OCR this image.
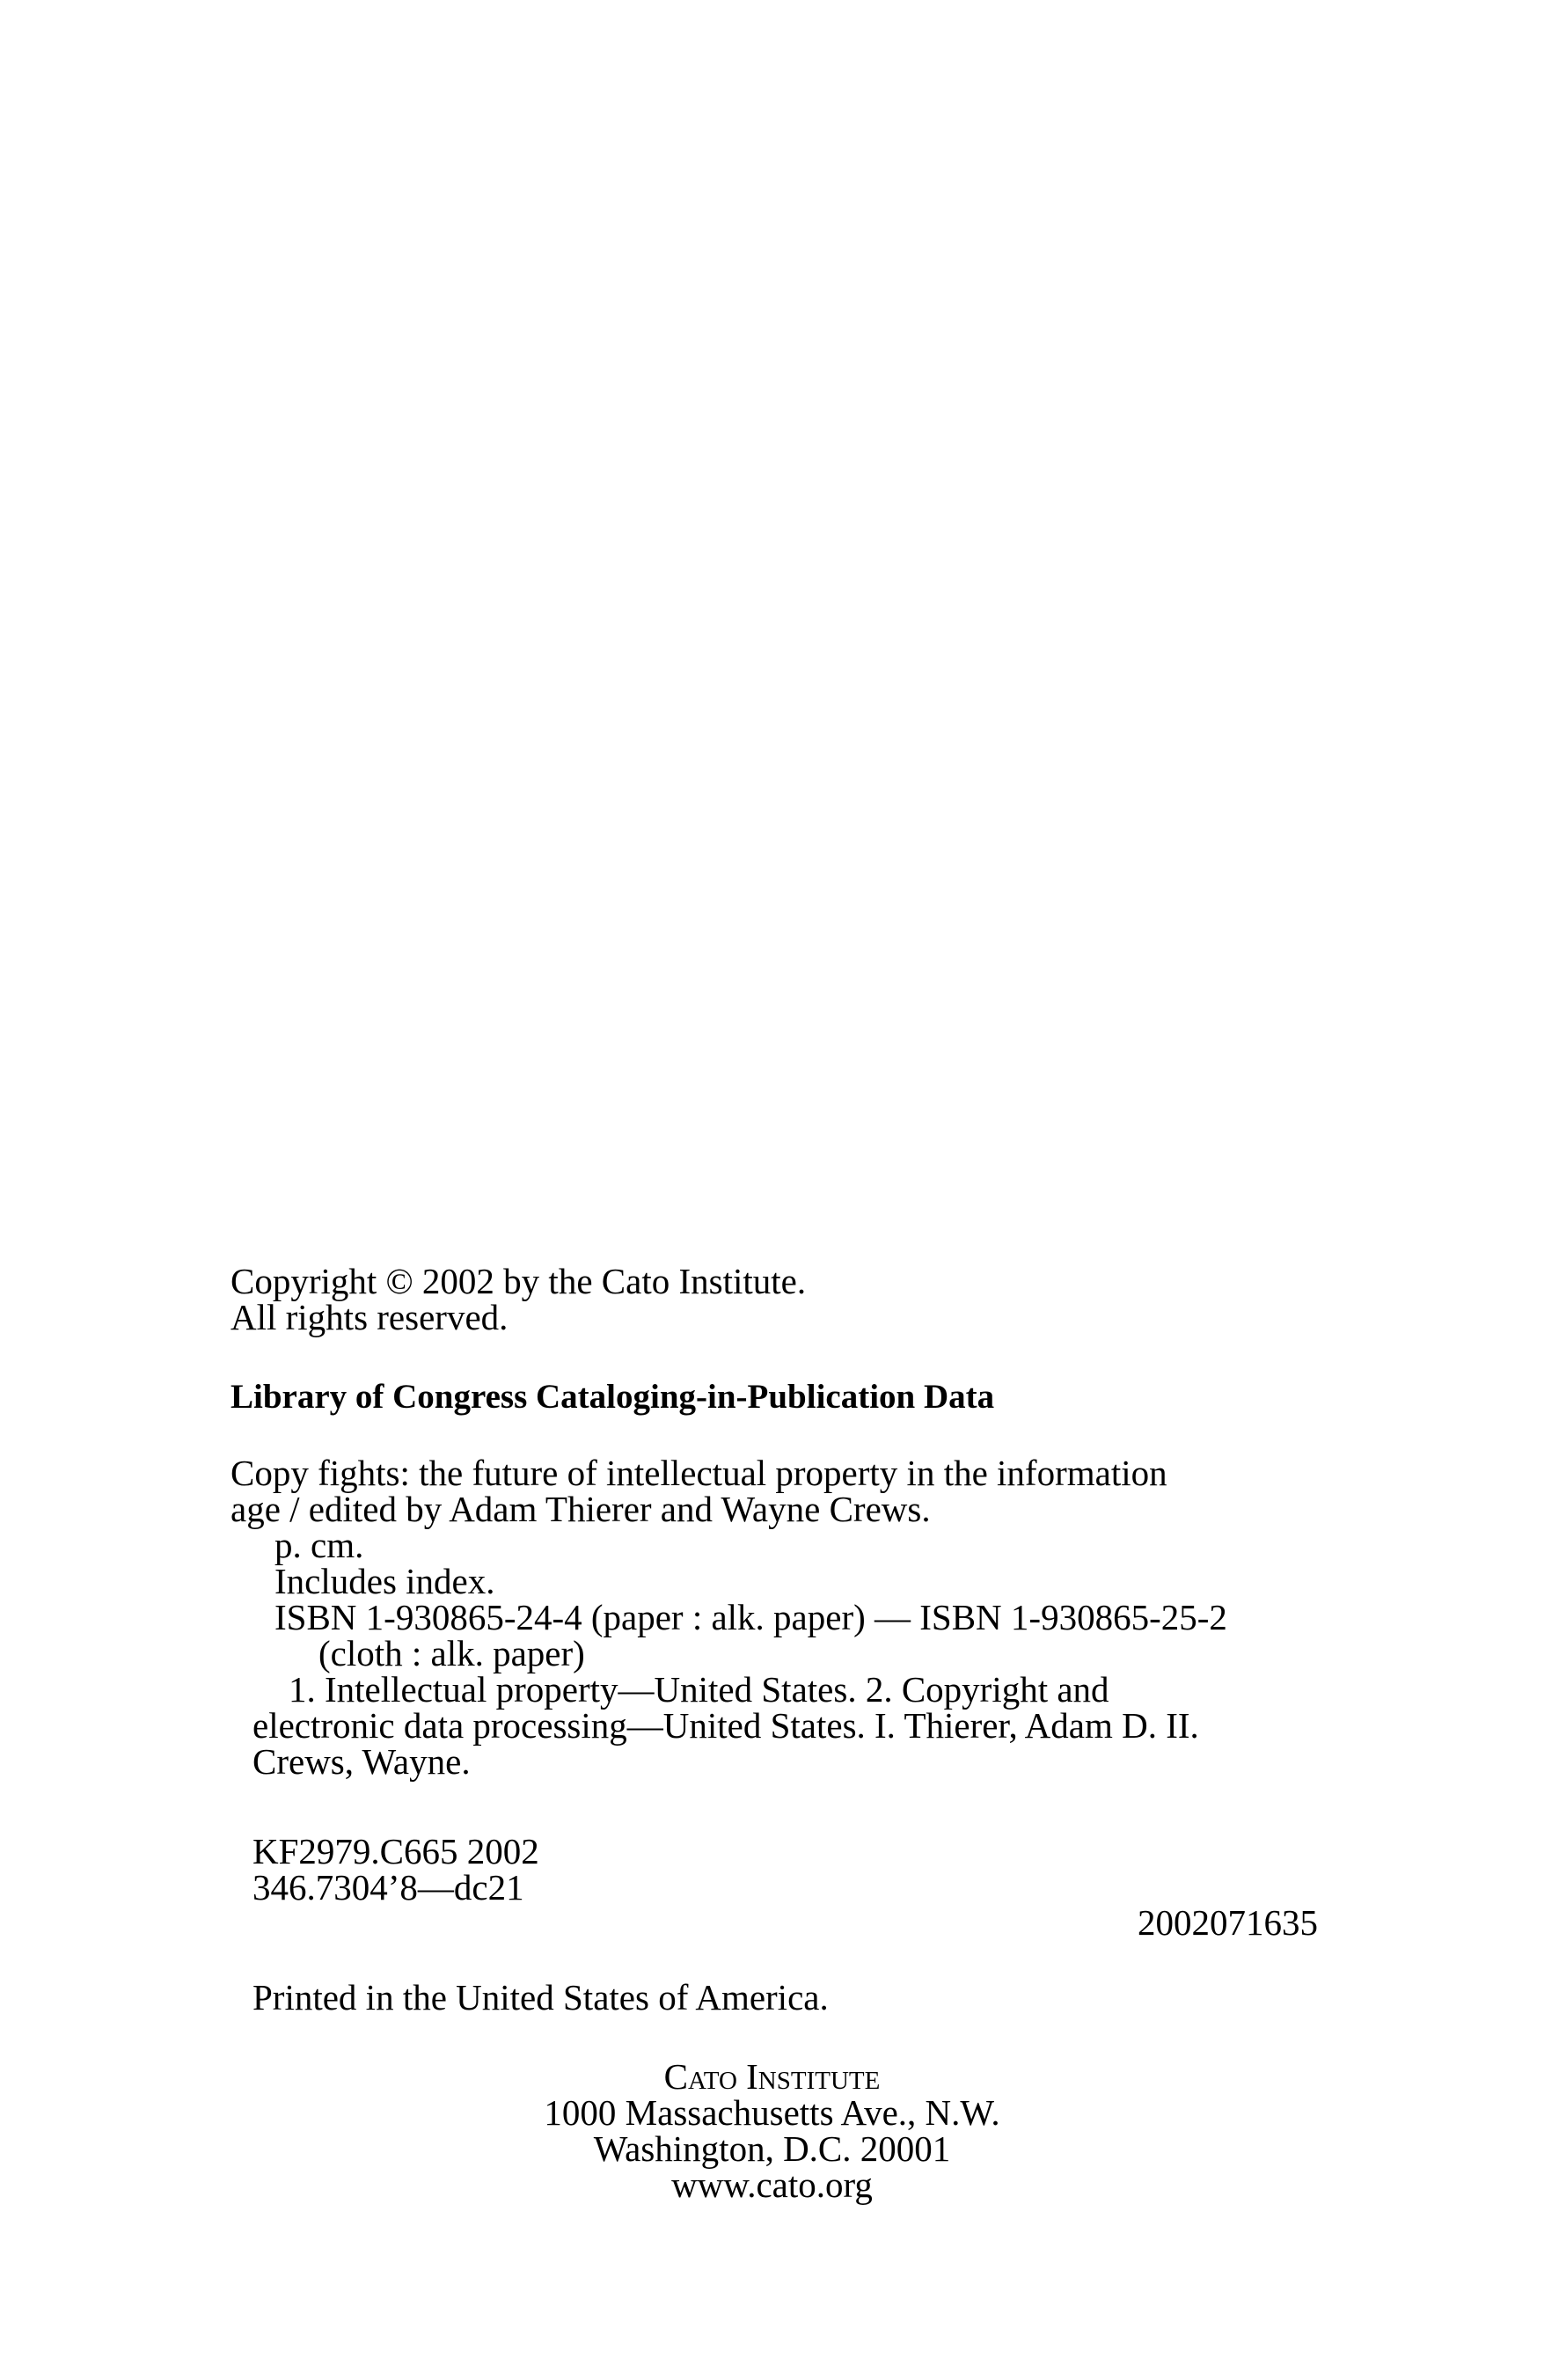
Copyright © 2002 by the Cato Institute.
All rights reserved.
Library of Congress Cataloging-in-Publication Data
Copy fights: the future of intellectual property in the information
age / edited by Adam Thierer and Wayne Crews.
p. cm.
Includes index.
ISBN 1-930865-24-4 (paper : alk. paper) — ISBN 1-930865-25-2
(cloth : alk. paper)
1. Intellectual property—United States. 2. Copyright and
electronic data processing—United States. I. Thierer, Adam D. II.
Crews, Wayne.
KF2979.C665 2002
346.7304’8—dc21
2002071635
Printed in the United States of America.
Cato Institute
1000 Massachusetts Ave., N.W.
Washington, D.C. 20001
www.cato.org
